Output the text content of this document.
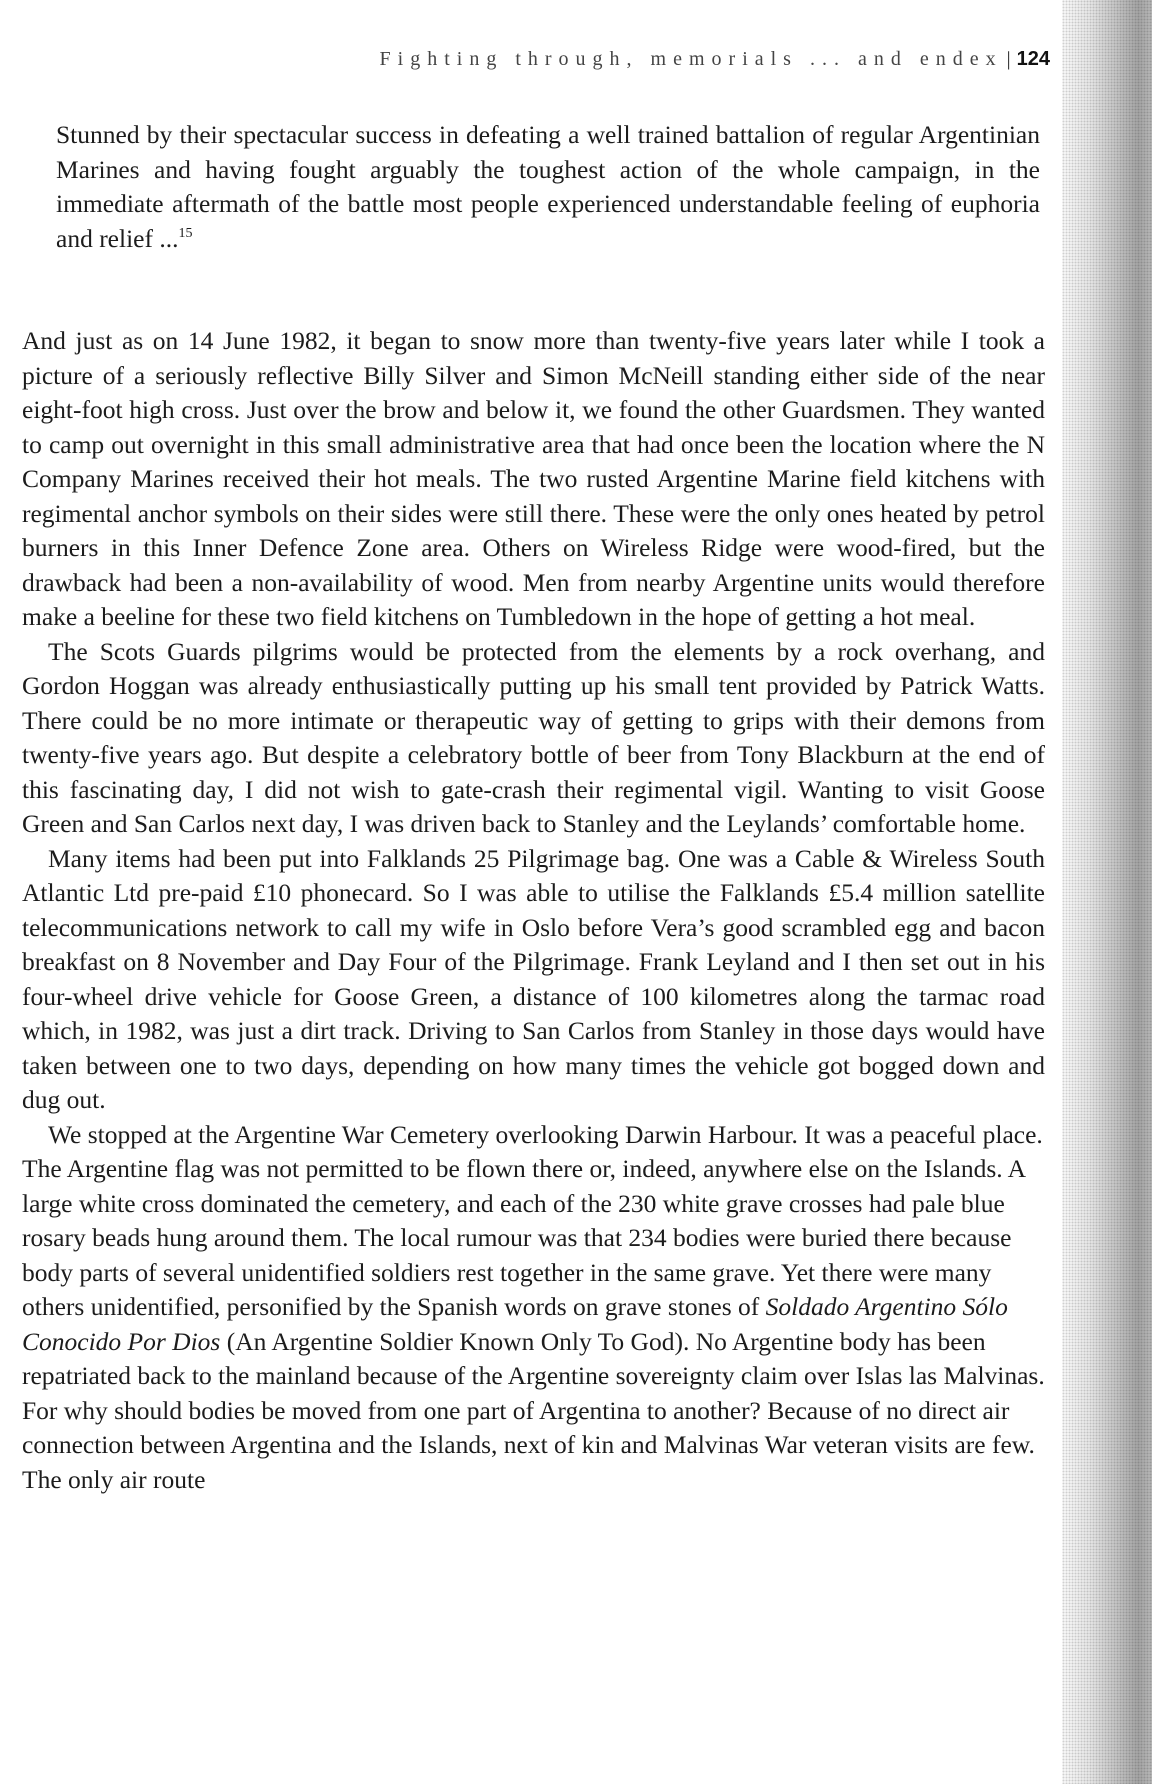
Fighting through, memorials ... and endex | 124

Stunned by their spectacular success in defeating a well trained battalion of regular Argentinian Marines and having fought arguably the toughest action of the whole campaign, in the immediate aftermath of the battle most people experienced understandable feeling of euphoria and relief ...$^{15}$

And just as on 14 June 1982, it began to snow more than twenty-five years later while I took a picture of a seriously reflective Billy Silver and Simon McNeill standing either side of the near eight-foot high cross. Just over the brow and below it, we found the other Guardsmen. They wanted to camp out overnight in this small administrative area that had once been the location where the N Company Marines received their hot meals. The two rusted Argentine Marine field kitchens with regimental anchor symbols on their sides were still there. These were the only ones heated by petrol burners in this Inner Defence Zone area. Others on Wireless Ridge were wood-fired, but the drawback had been a non-availability of wood. Men from nearby Argentine units would therefore make a beeline for these two field kitchens on Tumbledown in the hope of getting a hot meal.

The Scots Guards pilgrims would be protected from the elements by a rock overhang, and Gordon Hoggan was already enthusiastically putting up his small tent provided by Patrick Watts. There could be no more intimate or therapeutic way of getting to grips with their demons from twenty-five years ago. But despite a celebratory bottle of beer from Tony Blackburn at the end of this fascinating day, I did not wish to gate-crash their regimental vigil. Wanting to visit Goose Green and San Carlos next day, I was driven back to Stanley and the Leylands’ comfortable home.

Many items had been put into Falklands 25 Pilgrimage bag. One was a Cable & Wireless South Atlantic Ltd pre-paid £10 phonecard. So I was able to utilise the Falklands £5.4 million satellite telecommunications network to call my wife in Oslo before Vera’s good scrambled egg and bacon breakfast on 8 November and Day Four of the Pilgrimage. Frank Leyland and I then set out in his four-wheel drive vehicle for Goose Green, a distance of 100 kilometres along the tarmac road which, in 1982, was just a dirt track. Driving to San Carlos from Stanley in those days would have taken between one to two days, depending on how many times the vehicle got bogged down and dug out.

We stopped at the Argentine War Cemetery overlooking Darwin Harbour. It was a peaceful place. The Argentine flag was not permitted to be flown there or, indeed, anywhere else on the Islands. A large white cross dominated the cemetery, and each of the 230 white grave crosses had pale blue rosary beads hung around them. The local rumour was that 234 bodies were buried there because body parts of several unidentified soldiers rest together in the same grave. Yet there were many others unidentified, personified by the Spanish words on grave stones of Soldado Argentino Sólo Conocido Por Dios (An Argentine Soldier Known Only To God). No Argentine body has been repatriated back to the mainland because of the Argentine sovereignty claim over Islas las Malvinas. For why should bodies be moved from one part of Argentina to another? Because of no direct air connection between Argentina and the Islands, next of kin and Malvinas War veteran visits are few. The only air route
